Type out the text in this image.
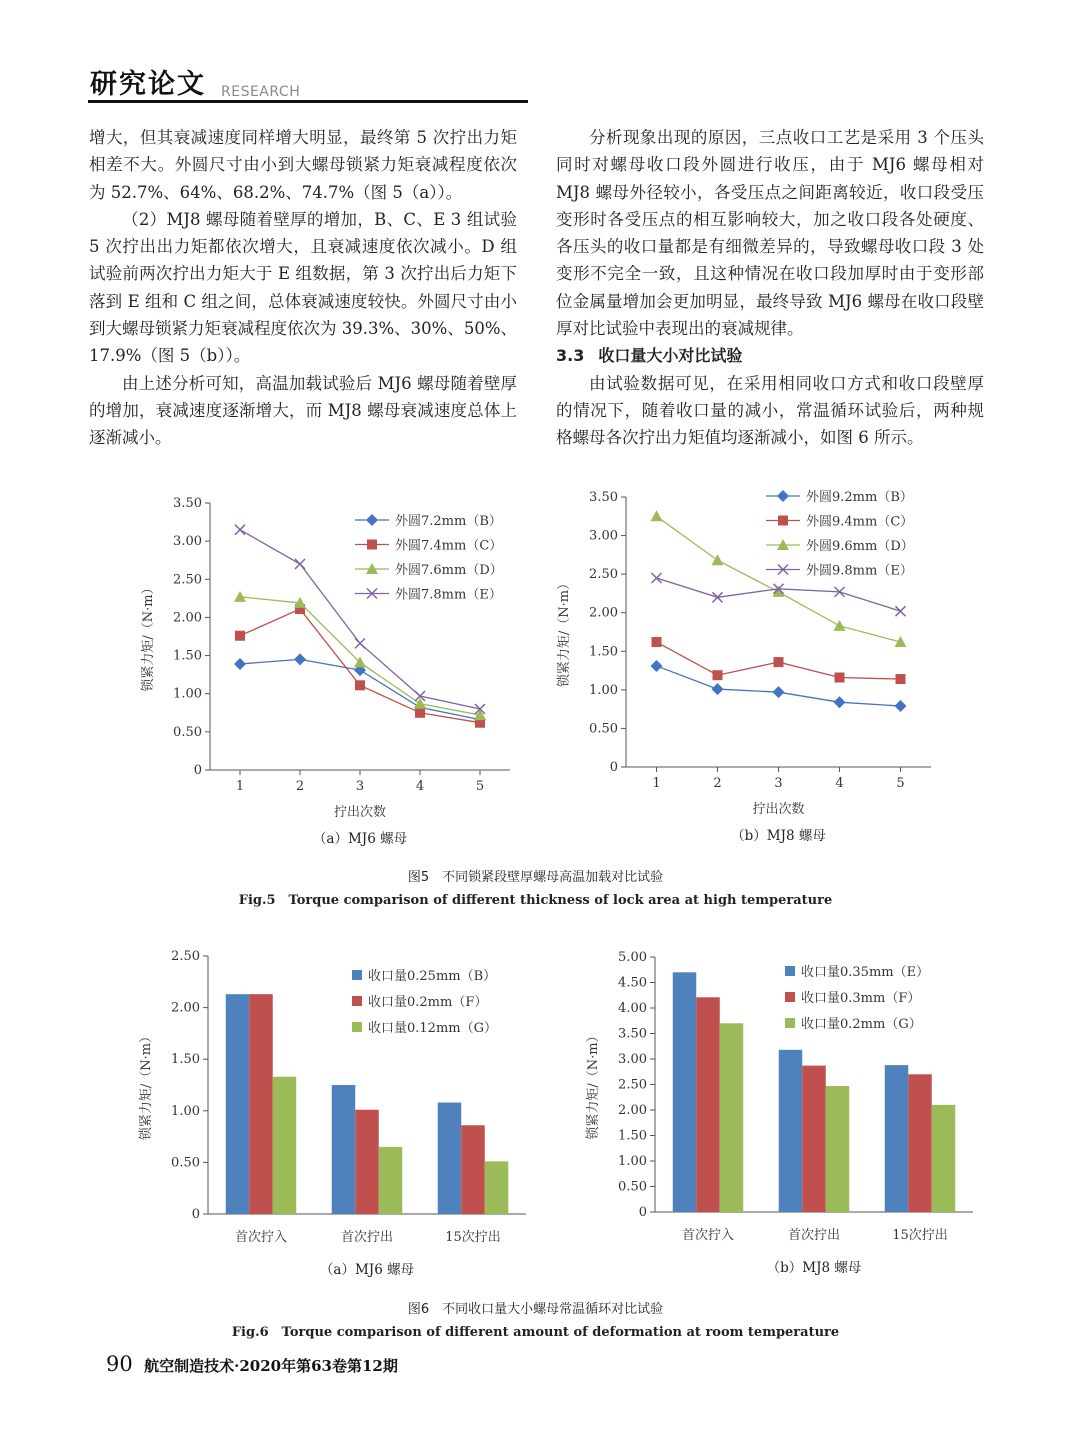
研究论文 RESEARCH

增大，但其衰减速度同样增大明显，最终第 5 次拧出力矩相差不大。外圆尺寸由小到大螺母锁紧力矩衰减程度依次为 52.7%、64%、68.2%、74.7%（图 5（a））。

（2）MJ8 螺母随着壁厚的增加，B、C、E 3 组试验 5 次拧出出力矩都依次增大，且衰减速度依次减小。D 组试验前两次拧出力矩大于 E 组数据，第 3 次拧出后力矩下落到 E 组和 C 组之间，总体衰减速度较快。外圆尺寸由小到大螺母锁紧力矩衰减程度依次为 39.3%、30%、50%、17.9%（图 5（b））。

由上述分析可知，高温加载试验后 MJ6 螺母随着壁厚的增加，衰减速度逐渐增大，而 MJ8 螺母衰减速度总体上逐渐减小。

分析现象出现的原因，三点收口工艺是采用 3 个压头同时对螺母收口段外圆进行收压，由于 MJ6 螺母相对 MJ8 螺母外径较小，各受压点之间距离较近，收口段受压变形时各受压点的相互影响较大，加之收口段各处硬度、各压头的收口量都是有细微差异的，导致螺母收口段 3 处变形不完全一致，且这种情况在收口段加厚时由于变形部位金属量增加会更加明显，最终导致 MJ6 螺母在收口段壁厚对比试验中表现出的衰减规律。

3.3 收口量大小对比试验

由试验数据可见，在采用相同收口方式和收口段壁厚的情况下，随着收口量的减小，常温循环试验后，两种规格螺母各次拧出力矩值均逐渐减小，如图 6 所示。

0
0.50
1.00
1.50
2.00
2.50
3.00
3.50
锁紧力矩/（N·m）
1	2	3	4	5
拧出次数
外圆7.2mm（B）
外圆7.4mm（C）
外圆7.6mm（D）
外圆7.8mm（E）
（a）MJ6 螺母
0
0.50
1.00
1.50
2.00
2.50
3.00
3.50
锁紧力矩/（N·m）
1	2	3	4	5
拧出次数
外圆9.2mm（B）
外圆9.4mm（C）
外圆9.6mm（D）
外圆9.8mm（E）
（b）MJ8 螺母
图5　不同锁紧段壁厚螺母高温加载对比试验
Fig.5　Torque comparison of different thickness of lock area at high temperature
0
0.50
1.00
1.50
2.00
2.50
锁紧力矩/（N·m）
首次拧入	首次拧出	15次拧出
收口量0.25mm（B）
收口量0.2mm（F）
收口量0.12mm（G）
（a）MJ6 螺母
0
0.50
1.00
1.50
2.00
2.50
3.00
3.50
4.00
4.50
5.00
锁紧力矩/（N·m）
首次拧入	首次拧出	15次拧出
收口量0.35mm（E）
收口量0.3mm（F）
收口量0.2mm（G）
（b）MJ8 螺母
图6　不同收口量大小螺母常温循环对比试验
Fig.6　Torque comparison of different amount of deformation at room temperature
90 航空制造技术·2020年第63卷第12期
